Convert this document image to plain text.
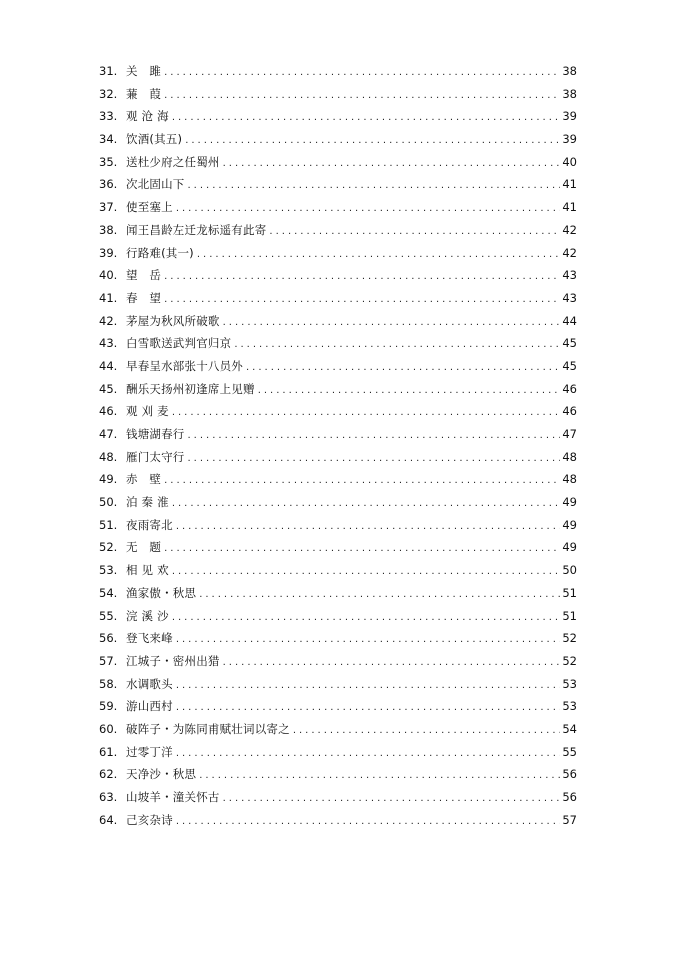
31. 关　雎 .....	38
32. 蒹　葭 .....	38
33. 观 沧 海 .....	39
34. 饮酒(其五) .....	39
35. 送杜少府之任蜀州 .....	40
36. 次北固山下 .....	41
37. 使至塞上 .....	41
38. 闻王昌龄左迁龙标遥有此寄 .....	42
39. 行路难(其一) .....	42
40. 望　岳 .....	43
41. 春　望 .....	43
42. 茅屋为秋风所破歌 .....	44
43. 白雪歌送武判官归京 .....	45
44. 早春呈水部张十八员外 .....	45
45. 酬乐天扬州初逢席上见赠 .....	46
46. 观 刈 麦 .....	46
47. 钱塘湖春行 .....	47
48. 雁门太守行 .....	48
49. 赤　壁 .....	48
50. 泊 秦 淮 .....	49
51. 夜雨寄北 .....	49
52. 无　题 .....	49
53. 相 见 欢 .....	50
54. 渔家傲・秋思 .....	51
55. 浣 溪 沙 .....	51
56. 登飞来峰 .....	52
57. 江城子・密州出猎 .....	52
58. 水调歌头 .....	53
59. 游山西村 .....	53
60. 破阵子・为陈同甫赋壮词以寄之 .....	54
61. 过零丁洋 .....	55
62. 天净沙・秋思 .....	56
63. 山坡羊・潼关怀古 .....	56
64. 己亥杂诗 .....	57
